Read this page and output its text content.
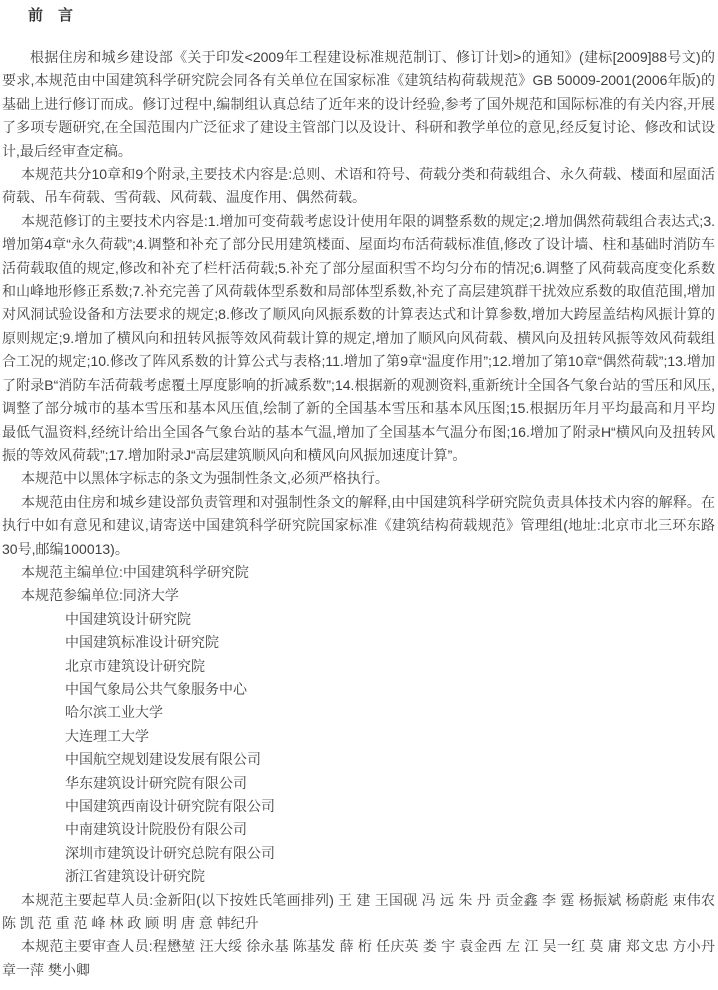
前　言

根据住房和城乡建设部《关于印发<2009年工程建设标准规范制订、修订计划>的通知》(建标[2009]88号文)的要求,本规范由中国建筑科学研究院会同各有关单位在国家标准《建筑结构荷载规范》GB 50009-2001(2006年版)的基础上进行修订而成。修订过程中,编制组认真总结了近年来的设计经验,参考了国外规范和国际标准的有关内容,开展了多项专题研究,在全国范围内广泛征求了建设主管部门以及设计、科研和教学单位的意见,经反复讨论、修改和试设计,最后经审查定稿。

本规范共分10章和9个附录,主要技术内容是:总则、术语和符号、荷载分类和荷载组合、永久荷载、楼面和屋面活荷载、吊车荷载、雪荷载、风荷载、温度作用、偶然荷载。

本规范修订的主要技术内容是:1.增加可变荷载考虑设计使用年限的调整系数的规定;2.增加偶然荷载组合表达式;3.增加第4章“永久荷载”;4.调整和补充了部分民用建筑楼面、屋面均布活荷载标准值,修改了设计墙、柱和基础时消防车活荷载取值的规定,修改和补充了栏杆活荷载;5.补充了部分屋面积雪不均匀分布的情况;6.调整了风荷载高度变化系数和山峰地形修正系数;7.补充完善了风荷载体型系数和局部体型系数,补充了高层建筑群干扰效应系数的取值范围,增加对风洞试验设备和方法要求的规定;8.修改了顺风向风振系数的计算表达式和计算参数,增加大跨屋盖结构风振计算的原则规定;9.增加了横风向和扭转风振等效风荷载计算的规定,增加了顺风向风荷载、横风向及扭转风振等效风荷载组合工况的规定;10.修改了阵风系数的计算公式与表格;11.增加了第9章“温度作用”;12.增加了第10章“偶然荷载”;13.增加了附录B“消防车活荷载考虑覆土厚度影响的折减系数”;14.根据新的观测资料,重新统计全国各气象台站的雪压和风压,调整了部分城市的基本雪压和基本风压值,绘制了新的全国基本雪压和基本风压图;15.根据历年月平均最高和月平均最低气温资料,经统计给出全国各气象台站的基本气温,增加了全国基本气温分布图;16.增加了附录H“横风向及扭转风振的等效风荷载”;17.增加附录J“高层建筑顺风向和横风向风振加速度计算”。

本规范中以黑体字标志的条文为强制性条文,必须严格执行。

本规范由住房和城乡建设部负责管理和对强制性条文的解释,由中国建筑科学研究院负责具体技术内容的解释。在执行中如有意见和建议,请寄送中国建筑科学研究院国家标准《建筑结构荷载规范》管理组(地址:北京市北三环东路30号,邮编100013)。

本规范主编单位:中国建筑科学研究院

本规范参编单位:同济大学

中国建筑设计研究院

中国建筑标准设计研究院

北京市建筑设计研究院

中国气象局公共气象服务中心

哈尔滨工业大学

大连理工大学

中国航空规划建设发展有限公司

华东建筑设计研究院有限公司

中国建筑西南设计研究院有限公司

中南建筑设计院股份有限公司

深圳市建筑设计研究总院有限公司

浙江省建筑设计研究院

本规范主要起草人员:金新阳(以下按姓氏笔画排列) 王 建 王国砚 冯 远 朱 丹 贡金鑫 李 霆 杨振斌 杨蔚彪 束伟农 陈 凯 范 重 范 峰 林 政 顾 明 唐 意 韩纪升

本规范主要审查人员:程懋堃 汪大绥 徐永基 陈基发 薛 桁 任庆英 娄 宇 袁金西 左 江 吴一红 莫 庸 郑文忠 方小丹 章一萍 樊小卿
